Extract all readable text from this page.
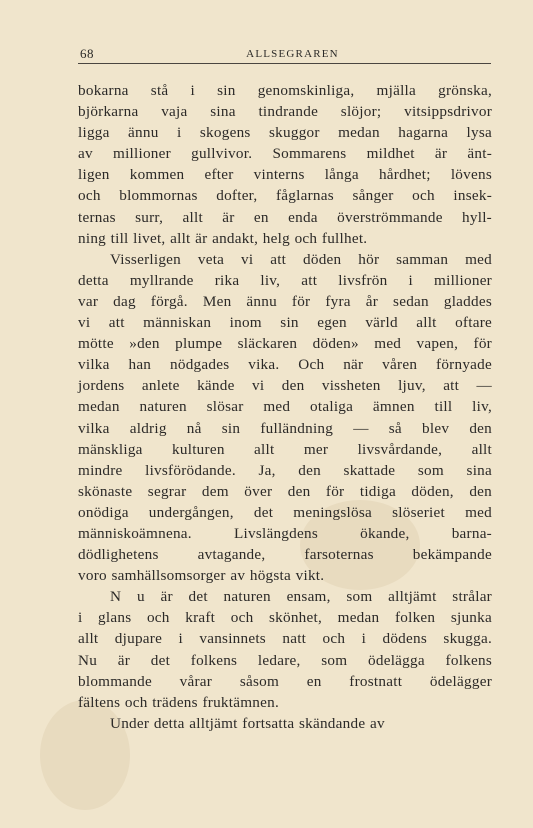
68	ALLSEGRAREN
bokarna stå i sin genomskinliga, mjälla grönska,
björkarna vaja sina tindrande slöjor; vitsippsdrivor
ligga ännu i skogens skuggor medan hagarna lysa
av millioner gullvivor. Sommarens mildhet är änt-
ligen kommen efter vinterns långa hårdhet; lövens
och blommornas dofter, fåglarnas sånger och insek-
ternas surr, allt är en enda överströmmande hyll-
ning till livet, allt är andakt, helg och fullhet.
Visserligen veta vi att döden hör samman med
detta myllrande rika liv, att livsfrön i millioner
var dag förgå. Men ännu för fyra år sedan gladdes
vi att människan inom sin egen värld allt oftare
mötte »den plumpe släckaren döden» med vapen, för
vilka han nödgades vika. Och när våren förnyade
jordens anlete kände vi den vissheten ljuv, att —
medan naturen slösar med otaliga ämnen till liv,
vilka aldrig nå sin fulländning — så blev den
mänskliga kulturen allt mer livsvårdande, allt
mindre livsförödande. Ja, den skattade som sina
skönaste segrar dem över den för tidiga döden, den
onödiga undergången, det meningslösa slöseriet med
människoämnena. Livslängdens ökande, barna-
dödlighetens avtagande, farsoternas bekämpande
voro samhällsomsorger av högsta vikt.
N u är det naturen ensam, som alltjämt strålar
i glans och kraft och skönhet, medan folken sjunka
allt djupare i vansinnets natt och i dödens skugga.
Nu är det folkens ledare, som ödelägga folkens
blommande vårar såsom en frostnatt ödelägger
fältens och trädens fruktämnen.
Under detta alltjämt fortsatta skändande av
